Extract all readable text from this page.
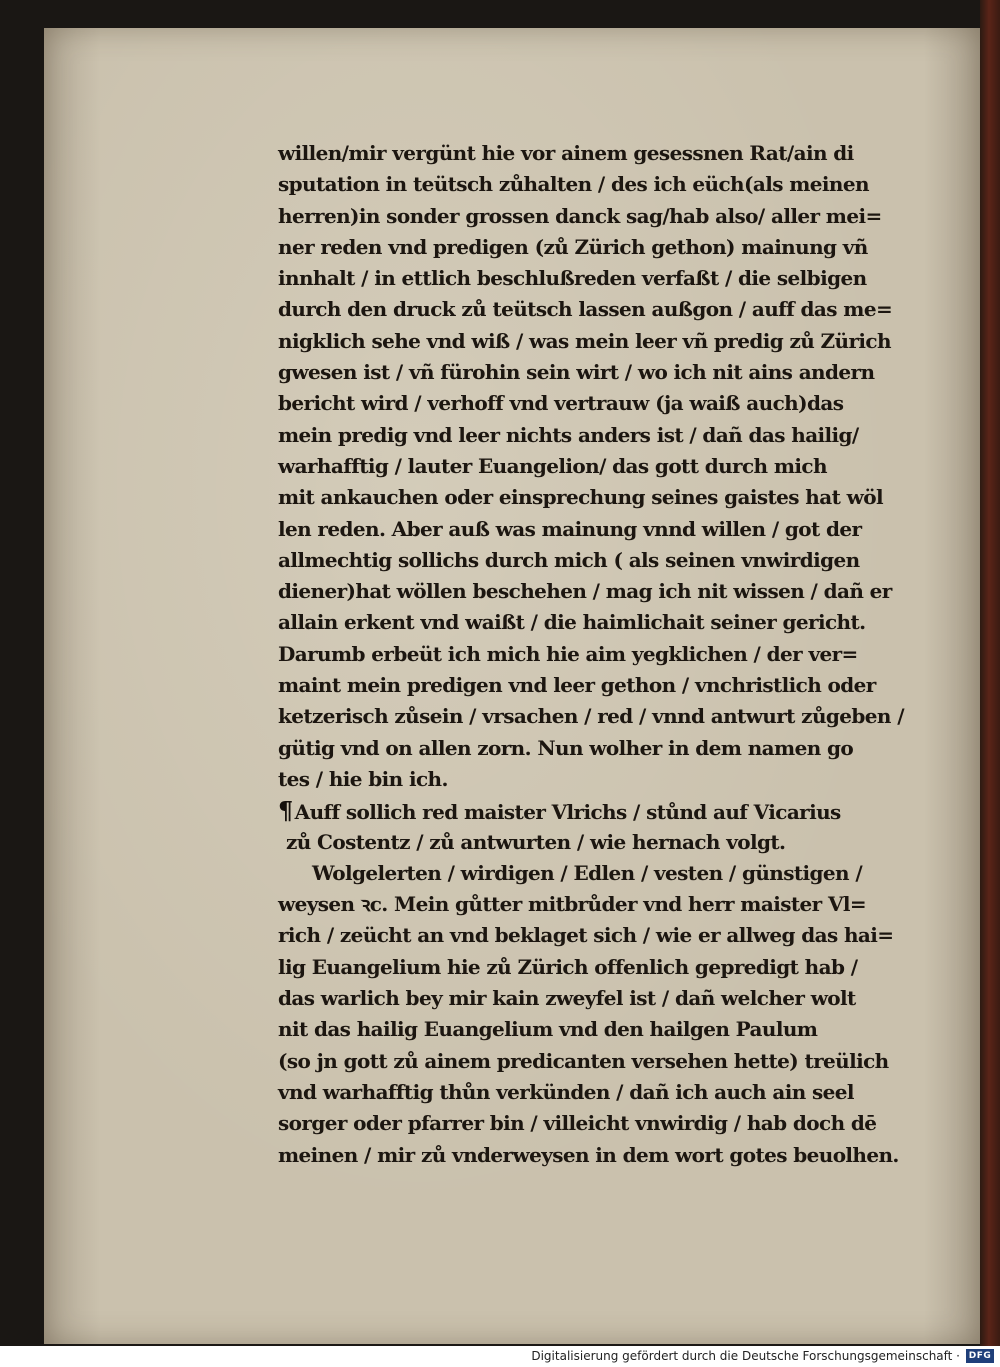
willen/mir vergünt hie vor ainem gesessnen Rat/ain di
sputation in teütsch zůhalten / des ich eüch(als meinen
herren)in sonder grossen danck sag/hab also/ aller mei=
ner reden vnd predigen (zů Zürich gethon) mainung vñ
innhalt / in ettlich beschlußreden verfaßt / die selbigen
durch den druck zů teütsch lassen außgon / auff das me=
nigklich sehe vnd wiß / was mein leer vñ predig zů Zürich
gwesen ist / vñ fürohin sein wirt / wo ich nit ains andern
bericht wird / verhoff vnd vertrauw (ja waiß auch)das
mein predig vnd leer nichts anders ist / dañ das hailig/
warhafftig / lauter Euangelion/ das gott durch mich
mit ankauchen oder einsprechung seines gaistes hat wöl
len reden. Aber auß was mainung vnnd willen / got der
allmechtig sollichs durch mich ( als seinen vnwirdigen
diener)hat wöllen beschehen / mag ich nit wissen / dañ er
allain erkent vnd waißt / die haimlichait seiner gericht.
Darumb erbeüt ich mich hie aim yegklichen / der ver=
maint mein predigen vnd leer gethon / vnchristlich oder
ketzerisch zůsein / vrsachen / red / vnnd antwurt zůgeben /
gütig vnd on allen zorn. Nun wolher in dem namen go
tes / hie bin ich.
¶ Auff sollich red maister Vlrichs / stůnd auf Vicarius
zů Costentz / zů antwurten / wie hernach volgt.
Wolgelerten / wirdigen / Edlen / vesten / günstigen /
weysen ꝛc. Mein gůtter mitbrůder vnd herr maister Vl=
rich / zeücht an vnd beklaget sich / wie er allweg das hai=
lig Euangelium hie zů Zürich offenlich gepredigt hab /
das warlich bey mir kain zweyfel ist / dañ welcher wolt
nit das hailig Euangelium vnd den hailgen Paulum
(so jn gott zů ainem predicanten versehen hette) treülich
vnd warhafftig thůn verkünden / dañ ich auch ain seel
sorger oder pfarrer bin / villeicht vnwirdig / hab doch dē
meinen / mir zů vnderweysen in dem wort gotes beuolhen.
Digitalisierung gefördert durch die Deutsche Forschungsgemeinschaft · DFG
